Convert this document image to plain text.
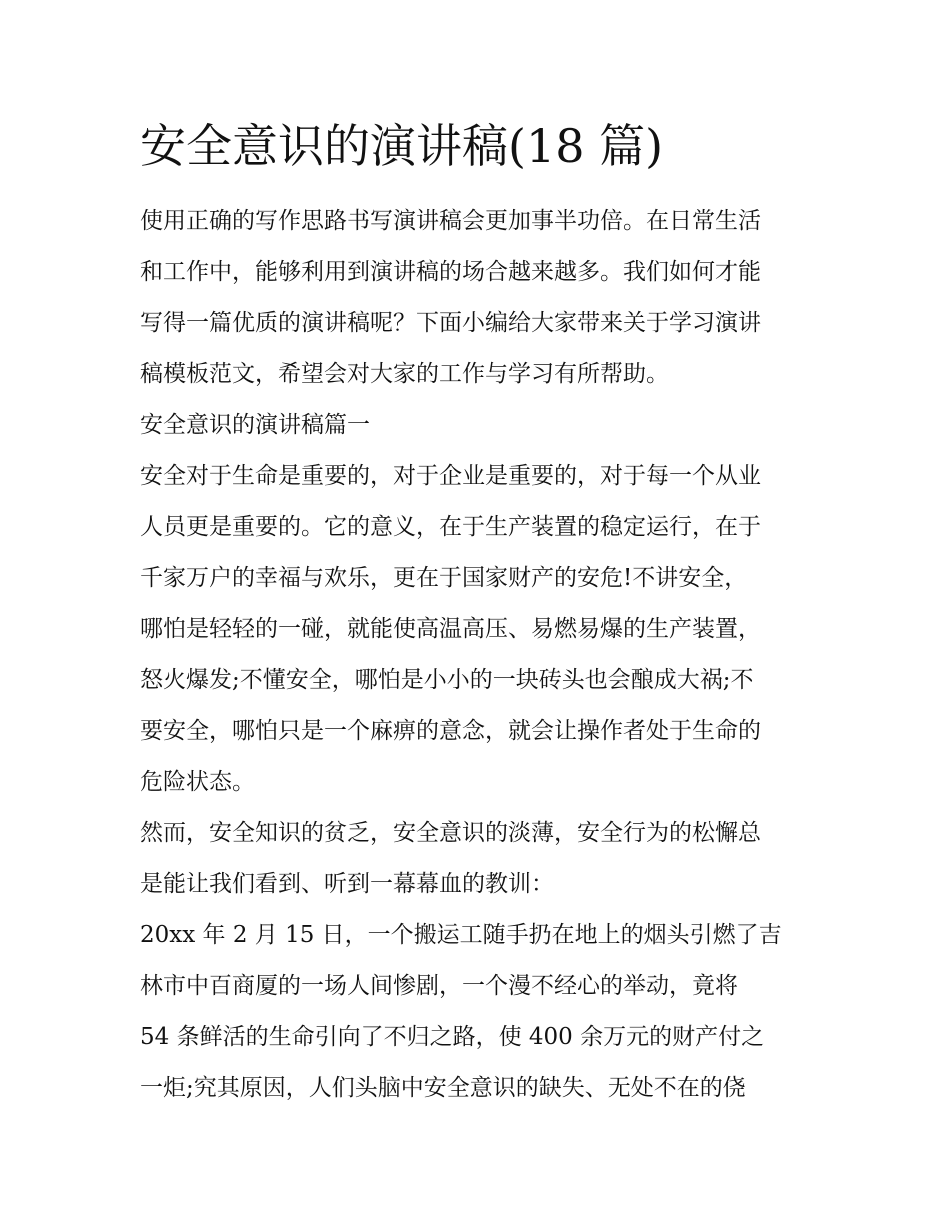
安全意识的演讲稿(18 篇)

使用正确的写作思路书写演讲稿会更加事半功倍。在日常生活
和工作中，能够利用到演讲稿的场合越来越多。我们如何才能
写得一篇优质的演讲稿呢？下面小编给大家带来关于学习演讲
稿模板范文，希望会对大家的工作与学习有所帮助。

安全意识的演讲稿篇一

安全对于生命是重要的，对于企业是重要的，对于每一个从业
人员更是重要的。它的意义，在于生产装置的稳定运行，在于
千家万户的幸福与欢乐，更在于国家财产的安危!不讲安全，
哪怕是轻轻的一碰，就能使高温高压、易燃易爆的生产装置，
怒火爆发;不懂安全，哪怕是小小的一块砖头也会酿成大祸;不
要安全，哪怕只是一个麻痹的意念，就会让操作者处于生命的
危险状态。

然而，安全知识的贫乏，安全意识的淡薄，安全行为的松懈总
是能让我们看到、听到一幕幕血的教训：

20xx 年 2 月 15 日，一个搬运工随手扔在地上的烟头引燃了吉
林市中百商厦的一场人间惨剧，一个漫不经心的举动，竟将
54 条鲜活的生命引向了不归之路，使 400 余万元的财产付之
一炬;究其原因，人们头脑中安全意识的缺失、无处不在的侥
